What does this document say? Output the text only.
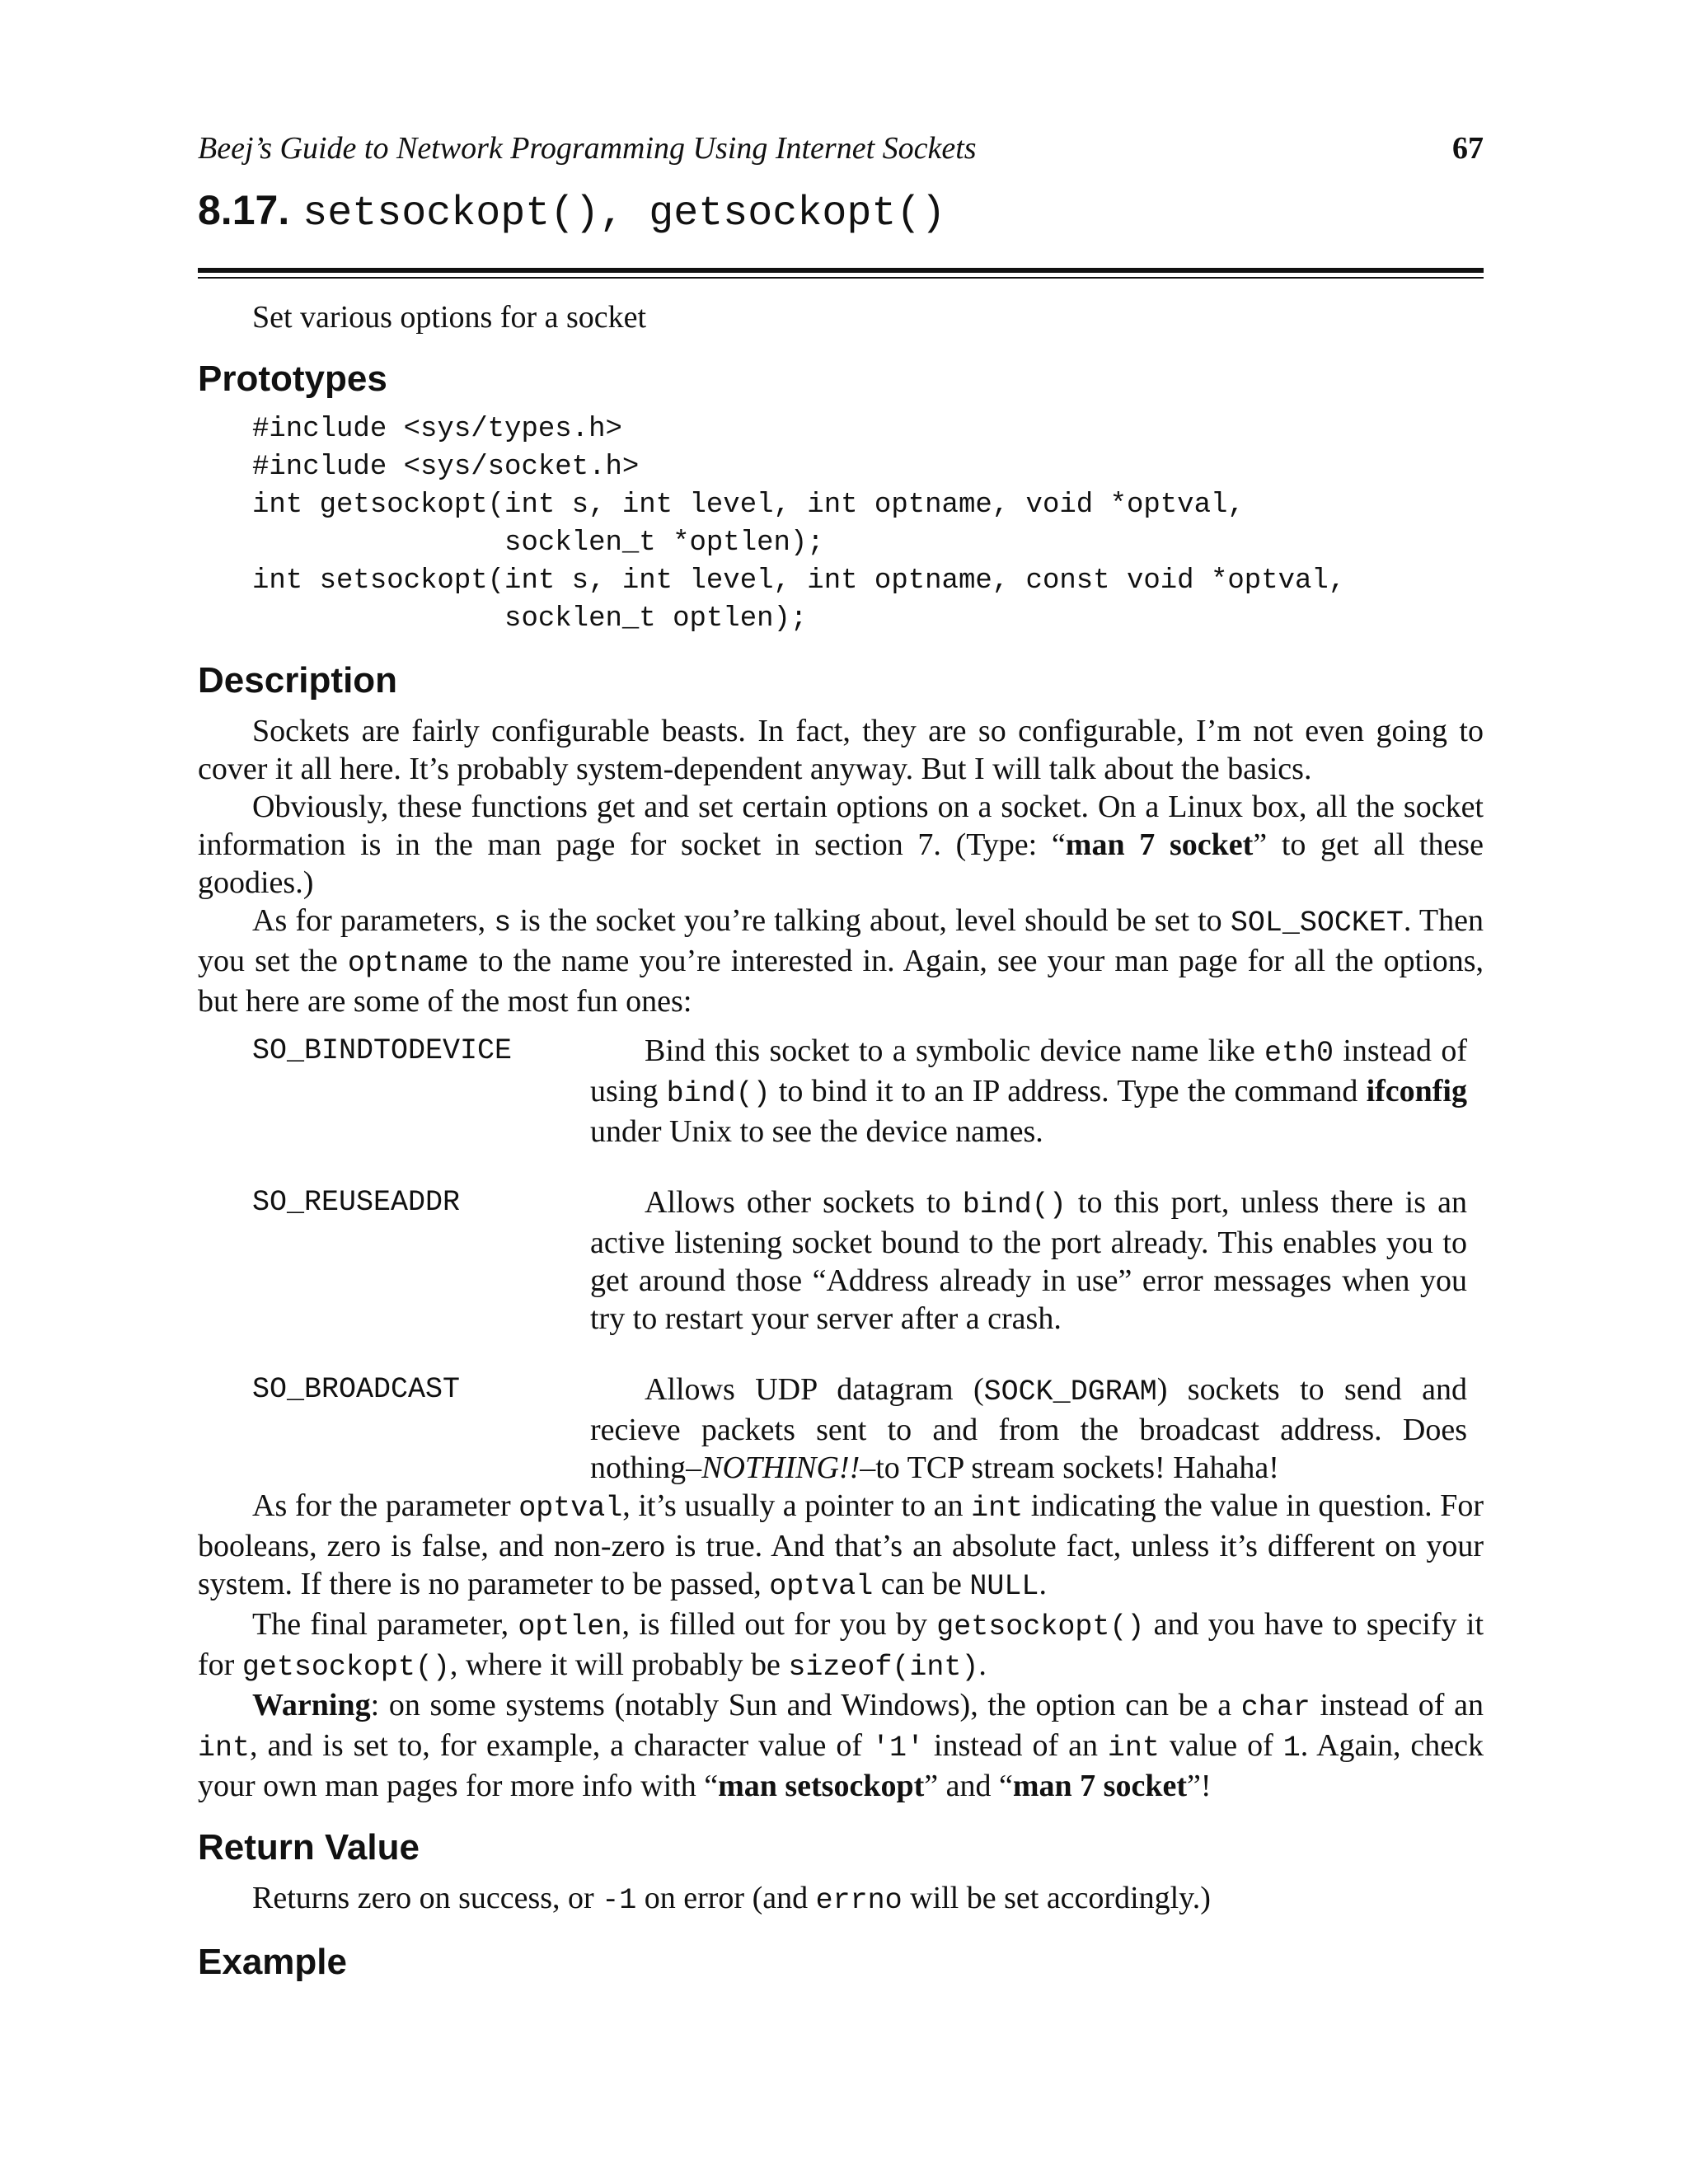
Beej’s Guide to Network Programming Using Internet Sockets	67
8.17. setsockopt(), getsockopt()
Set various options for a socket
Prototypes
#include <sys/types.h>
#include <sys/socket.h>
int getsockopt(int s, int level, int optname, void *optval,
socklen_t *optlen);
int setsockopt(int s, int level, int optname, const void *optval,
socklen_t optlen);
Description

Sockets are fairly configurable beasts. In fact, they are so configurable, I’m not even going to cover it all here. It’s probably system-dependent anyway. But I will talk about the basics.

Obviously, these functions get and set certain options on a socket. On a Linux box, all the socket information is in the man page for socket in section 7. (Type: “man 7 socket” to get all these goodies.)

As for parameters, s is the socket you’re talking about, level should be set to SOL_SOCKET. Then you set the optname to the name you’re interested in. Again, see your man page for all the options, but here are some of the most fun ones:

SO_BINDTODEVICE	Bind this socket to a symbolic device name like eth0 instead of using bind() to bind it to an IP address. Type the command ifconfig under Unix to see the device names.
SO_REUSEADDR	Allows other sockets to bind() to this port, unless there is an active listening socket bound to the port already. This enables you to get around those “Address already in use” error messages when you try to restart your server after a crash.
SO_BROADCAST	Allows UDP datagram (SOCK_DGRAM) sockets to send and recieve packets sent to and from the broadcast address. Does nothing–NOTHING!!–to TCP stream sockets! Hahaha!

As for the parameter optval, it’s usually a pointer to an int indicating the value in question. For booleans, zero is false, and non-zero is true. And that’s an absolute fact, unless it’s different on your system. If there is no parameter to be passed, optval can be NULL.

The final parameter, optlen, is filled out for you by getsockopt() and you have to specify it for getsockopt(), where it will probably be sizeof(int).

Warning: on some systems (notably Sun and Windows), the option can be a char instead of an int, and is set to, for example, a character value of '1' instead of an int value of 1. Again, check your own man pages for more info with “man setsockopt” and “man 7 socket”!

Return Value
Returns zero on success, or -1 on error (and errno will be set accordingly.)
Example
